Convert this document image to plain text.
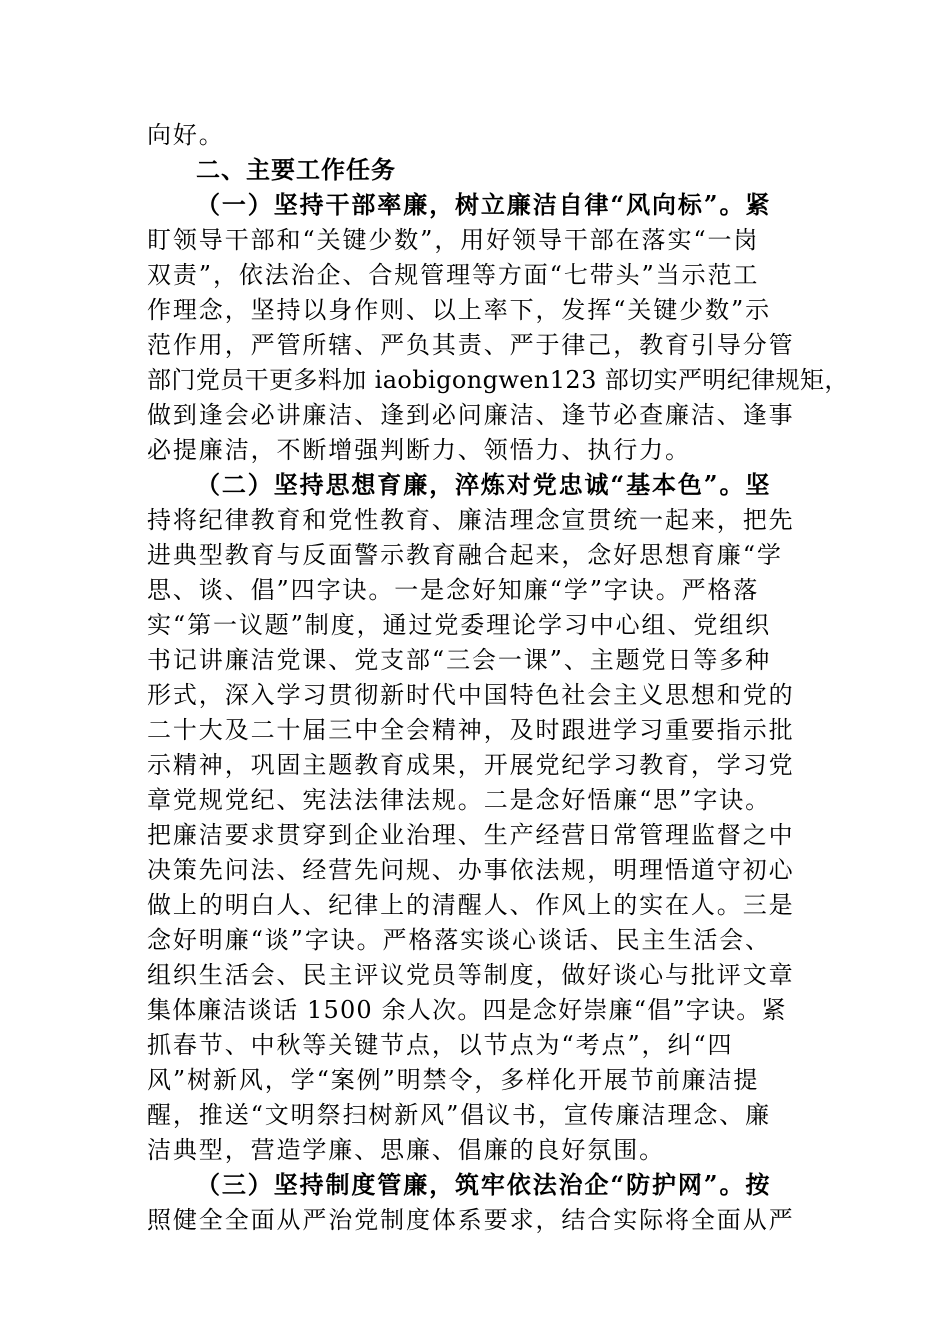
向好。
二、主要工作任务
（一）坚持干部率廉，树立廉洁自律“风向标”。紧
盯领导干部和“关键少数”，用好领导干部在落实“一岗
双责”，依法治企、合规管理等方面“七带头”当示范工
作理念，坚持以身作则、以上率下，发挥“关键少数”示
范作用，严管所辖、严负其责、严于律己，教育引导分管
部门党员干更多料加 iaobigongwen123 部切实严明纪律规矩，
做到逢会必讲廉洁、逢到必问廉洁、逢节必查廉洁、逢事
必提廉洁，不断增强判断力、领悟力、执行力。
（二）坚持思想育廉，淬炼对党忠诚“基本色”。坚
持将纪律教育和党性教育、廉洁理念宣贯统一起来，把先
进典型教育与反面警示教育融合起来，念好思想育廉“学
思、谈、倡”四字诀。一是念好知廉“学”字诀。严格落
实“第一议题”制度，通过党委理论学习中心组、党组织
书记讲廉洁党课、党支部“三会一课”、主题党日等多种
形式，深入学习贯彻新时代中国特色社会主义思想和党的
二十大及二十届三中全会精神，及时跟进学习重要指示批
示精神，巩固主题教育成果，开展党纪学习教育，学习党
章党规党纪、宪法法律法规。二是念好悟廉“思”字诀。
把廉洁要求贯穿到企业治理、生产经营日常管理监督之中
决策先问法、经营先问规、办事依法规，明理悟道守初心
做上的明白人、纪律上的清醒人、作风上的实在人。三是
念好明廉“谈”字诀。严格落实谈心谈话、民主生活会、
组织生活会、民主评议党员等制度，做好谈心与批评文章
集体廉洁谈话 1500 余人次。四是念好崇廉“倡”字诀。紧
抓春节、中秋等关键节点，以节点为“考点”，纠“四
风”树新风，学“案例”明禁令，多样化开展节前廉洁提
醒，推送“文明祭扫树新风”倡议书，宣传廉洁理念、廉
洁典型，营造学廉、思廉、倡廉的良好氛围。
（三）坚持制度管廉，筑牢依法治企“防护网”。按
照健全全面从严治党制度体系要求，结合实际将全面从严
